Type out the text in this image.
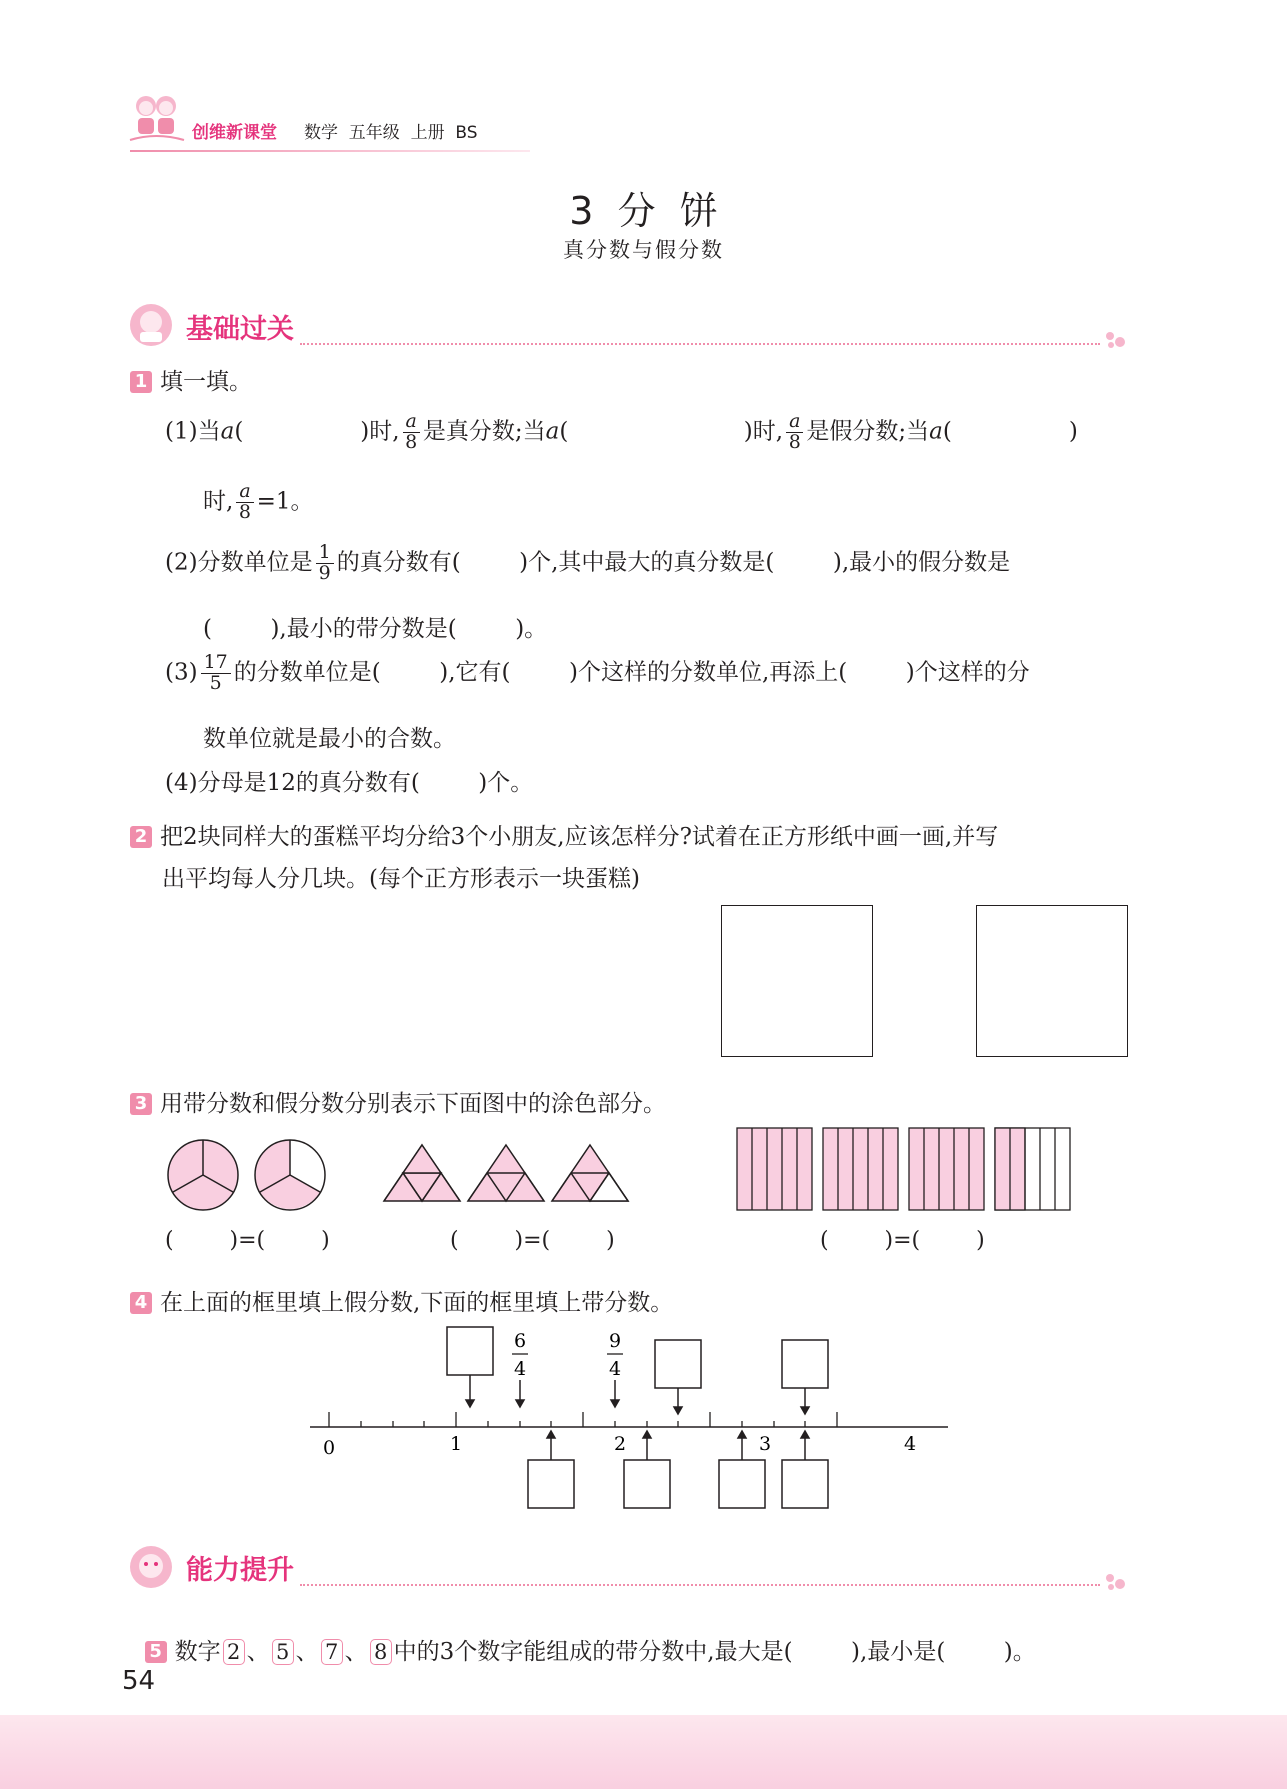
创维新课堂 数学  五年级  上册  BS
3  分  饼
真分数与假分数
基础过关
1 填一填。
(1)当a(                )时, $\frac{a}{8}$ 是真分数;当a(                        )时, $\frac{a}{8}$ 是假分数;当a(                )
时, $\frac{a}{8} =1$。
(2)分数单位是 $\frac{1}{9}$ 的真分数有(        )个,其中最大的真分数是(        ),最小的假分数是
(        ),最小的带分数是(        )。
$(3) \frac{17}{5}$ 的分数单位是(        ),它有(        )个这样的分数单位,再添上(        )个这样的分
数单位就是最小的合数。
(4)分母是12的真分数有(        )个。
2 把2块同样大的蛋糕平均分给3个小朋友,应该怎样分?试着在正方形纸中画一画,并写
出平均每人分几块。(每个正方形表示一块蛋糕)
3 用带分数和假分数分别表示下面图中的涂色部分。
(        )=(        )	(        )=(        )	(        )=(        )
4 在上面的框里填上假分数,下面的框里填上带分数。
6
4
9
4
0	1	2	3	4
能力提升

5 数字 2 、 5 、 7 、 8 中的3个数字能组成的带分数中,最大是(        ),最小是(        )。

54
